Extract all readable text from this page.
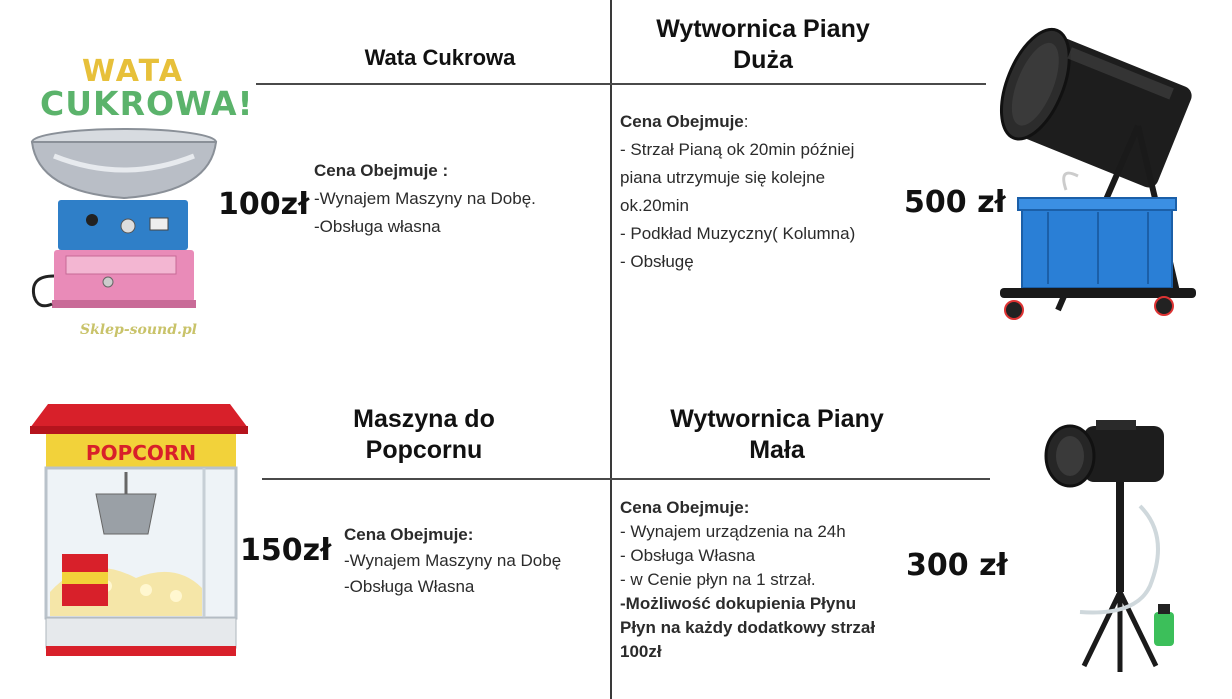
WATA
CUKROWA!
Sklep-sound.pl
Wata Cukrowa
100zł
Cena Obejmuje :
-Wynajem Maszyny na Dobę.
-Obsługa własna
Wytwornica Piany
Duża
Cena Obejmuje:
- Strzał Pianą ok 20min później
piana utrzymuje się kolejne
ok.20min
- Podkład Muzyczny( Kolumna)
- Obsługę
500 zł
POPCORN
Maszyna do
Popcornu
150zł Cena Obejmuje:
-Wynajem Maszyny na Dobę
-Obsługa Własna
Wytwornica Piany
Mała
Cena Obejmuje:
- Wynajem urządzenia na 24h
- Obsługa Własna
- w Cenie płyn na 1 strzał.
-Możliwość dokupienia Płynu
Płyn na każdy dodatkowy strzał
100zł
300 zł
